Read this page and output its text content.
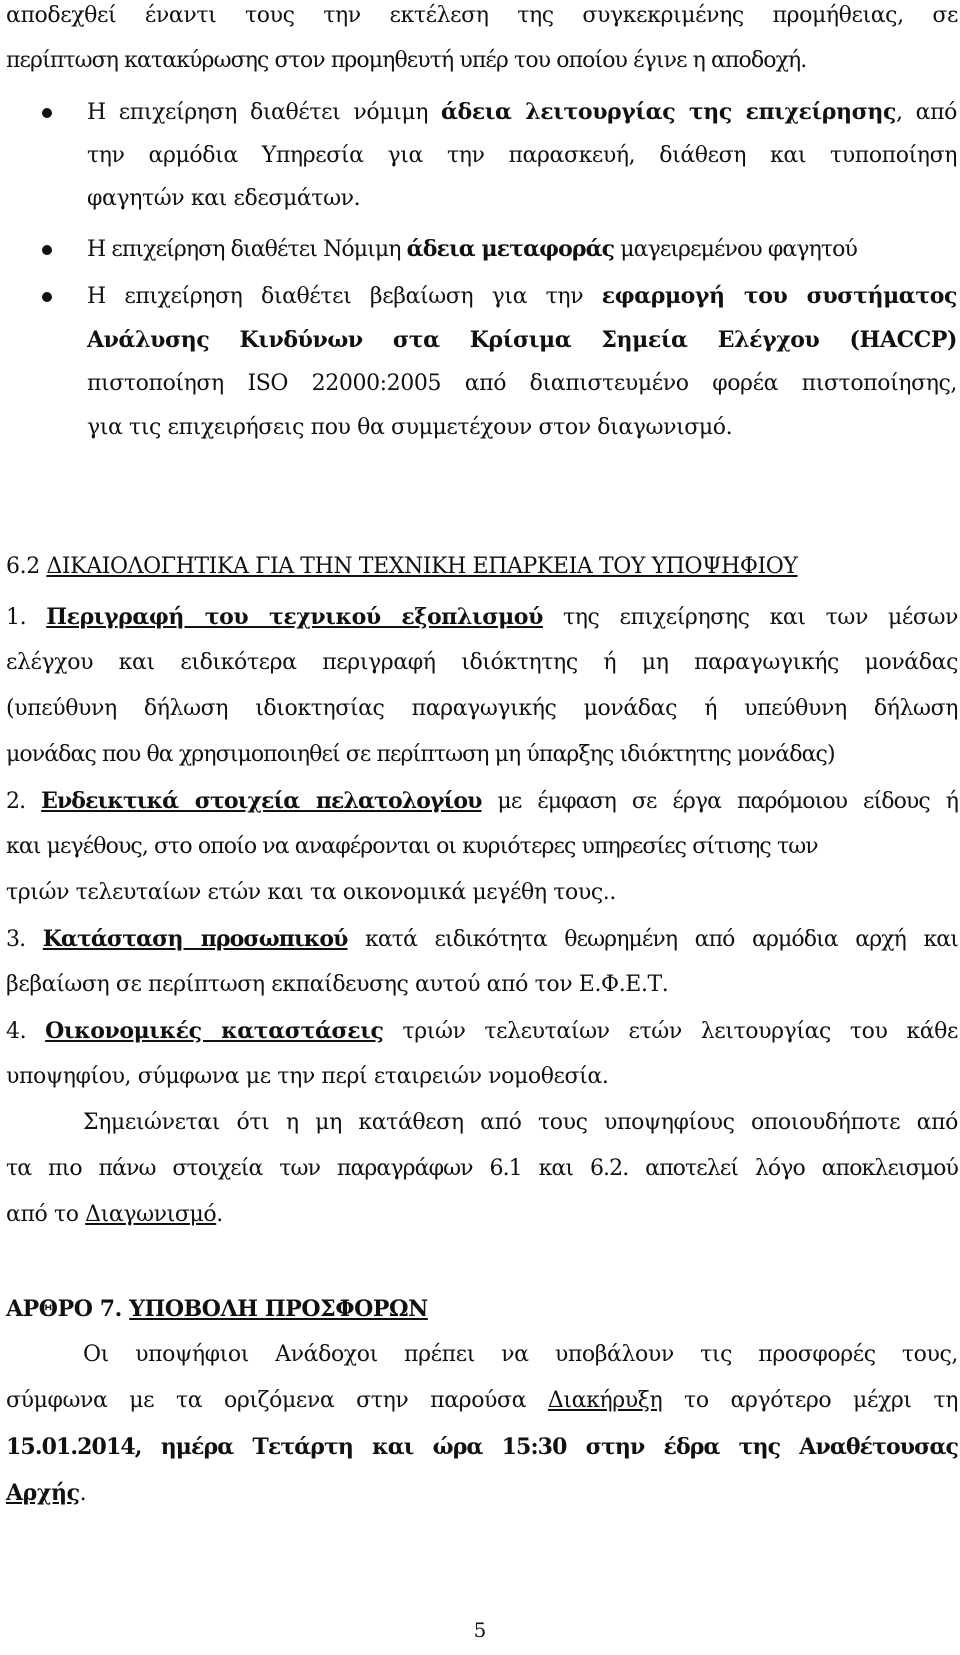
αποδεχθεί έναντι τους την εκτέλεση της συγκεκριμένης προμήθειας, σε
περίπτωση κατακύρωσης στον προμηθευτή υπέρ του οποίου έγινε η αποδοχή.
Η επιχείρηση διαθέτει νόμιμη άδεια λειτουργίας της επιχείρησης, από
την αρμόδια Υπηρεσία για την παρασκευή, διάθεση και τυποποίηση
φαγητών και εδεσμάτων.
Η επιχείρηση διαθέτει Νόμιμη άδεια μεταφοράς μαγειρεμένου φαγητού
Η επιχείρηση διαθέτει βεβαίωση για την εφαρμογή του συστήματος
Ανάλυσης Κινδύνων στα Κρίσιμα Σημεία Ελέγχου (HACCP)
πιστοποίηση ISO 22000:2005 από διαπιστευμένο φορέα πιστοποίησης,
για τις επιχειρήσεις που θα συμμετέχουν στον διαγωνισμό.
6.2 ΔΙΚΑΙΟΛΟΓΗΤΙΚΑ ΓΙΑ ΤΗΝ ΤΕΧΝΙΚΗ ΕΠΑΡΚΕΙΑ ΤΟΥ ΥΠΟΨΗΦΙΟΥ
1. Περιγραφή του τεχνικού εξοπλισμού της επιχείρησης και των μέσων
ελέγχου και ειδικότερα περιγραφή ιδιόκτητης ή μη παραγωγικής μονάδας
(υπεύθυνη δήλωση ιδιοκτησίας παραγωγικής μονάδας ή υπεύθυνη δήλωση
μονάδας που θα χρησιμοποιηθεί σε περίπτωση μη ύπαρξης ιδιόκτητης μονάδας)
2. Ενδεικτικά στοιχεία πελατολογίου με έμφαση σε έργα παρόμοιου είδους ή
και μεγέθους, στο οποίο να αναφέρονται οι κυριότερες υπηρεσίες σίτισης των
τριών τελευταίων ετών και τα οικονομικά μεγέθη τους..
3. Κατάσταση προσωπικού κατά ειδικότητα θεωρημένη από αρμόδια αρχή και
βεβαίωση σε περίπτωση εκπαίδευσης αυτού από τον Ε.Φ.Ε.Τ.
4. Οικονομικές καταστάσεις τριών τελευταίων ετών λειτουργίας του κάθε
υποψηφίου, σύμφωνα με την περί εταιρειών νομοθεσία.
Σημειώνεται ότι η μη κατάθεση από τους υποψηφίους οποιουδήποτε από
τα πιο πάνω στοιχεία των παραγράφων 6.1 και 6.2. αποτελεί λόγο αποκλεισμού
από το Διαγωνισμό.
ΑΡΘΡΟ 7. ΥΠΟΒΟΛΗ ΠΡΟΣΦΟΡΩΝ
Οι υποψήφιοι Ανάδοχοι πρέπει να υποβάλουν τις προσφορές τους,
σύμφωνα με τα οριζόμενα στην παρούσα Διακήρυξη το αργότερο μέχρι τη
15.01.2014, ημέρα Τετάρτη και ώρα 15:30 στην έδρα της Αναθέτουσας
Αρχής.
5
